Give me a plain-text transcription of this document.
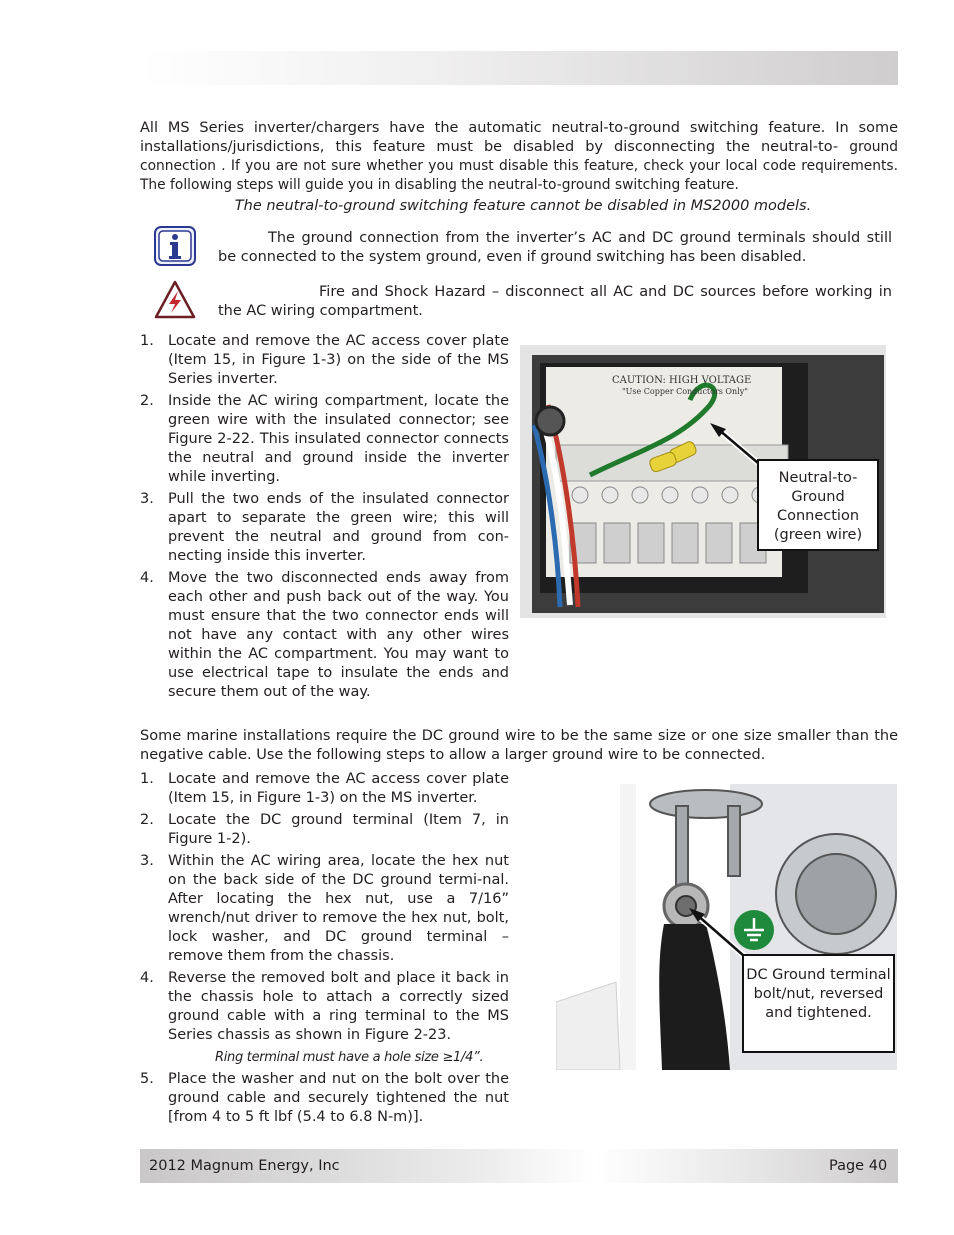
All MS Series inverter/chargers have the automatic neutral-to-ground switching feature. In some installations/jurisdictions, this feature must be disabled by disconnecting the neutral-to- ground connection . If you are not sure whether you must disable this feature, check your local code requirements. The following steps will guide you in disabling the neutral-to-ground switching feature.
The neutral-to-ground switching feature cannot be disabled in MS2000 models.
The ground connection from the inverter’s AC and DC ground terminals should still be connected to the system ground, even if ground switching has been disabled.
Fire and Shock Hazard – disconnect all AC and DC sources before working in the AC wiring compartment.
1. Locate and remove the AC access cover plate (Item 15, in Figure 1-3) on the side of the MS Series inverter.
2. Inside the AC wiring compartment, locate the green wire with the insulated connector; see Figure 2-22. This insulated connector connects the neutral and ground inside the inverter while inverting.
3. Pull the two ends of the insulated connector apart to separate the green wire; this will prevent the neutral and ground from con-necting inside this inverter.
4. Move the two disconnected ends away from each other and push back out of the way. You must ensure that the two connector ends will not have any contact with any other wires within the AC compartment. You may want to use electrical tape to insulate the ends and secure them out of the way.
CAUTION: HIGH VOLTAGE
"Use Copper Conductors Only"
Neutral-to-Ground Connection (green wire)
Some marine installations require the DC ground wire to be the same size or one size smaller than the negative cable. Use the following steps to allow a larger ground wire to be connected.
1. Locate and remove the AC access cover plate (Item 15, in Figure 1-3) on the MS inverter.
2. Locate the DC ground terminal (Item 7, in Figure 1-2).
3. Within the AC wiring area, locate the hex nut on the back side of the DC ground termi-nal. After locating the hex nut, use a 7/16” wrench/nut driver to remove the hex nut, bolt, lock washer, and DC ground terminal – remove them from the chassis.
4. Reverse the removed bolt and place it back in the chassis hole to attach a correctly sized ground cable with a ring terminal to the MS Series chassis as shown in Figure 2-23.
Ring terminal must have a hole size ≥1/4”.
5. Place the washer and nut on the bolt over the ground cable and securely tightened the nut [from 4 to 5 ft lbf (5.4 to 6.8 N-m)].
DC Ground terminal bolt/nut, reversed and tightened.
2012 Magnum Energy, Inc	Page 40
